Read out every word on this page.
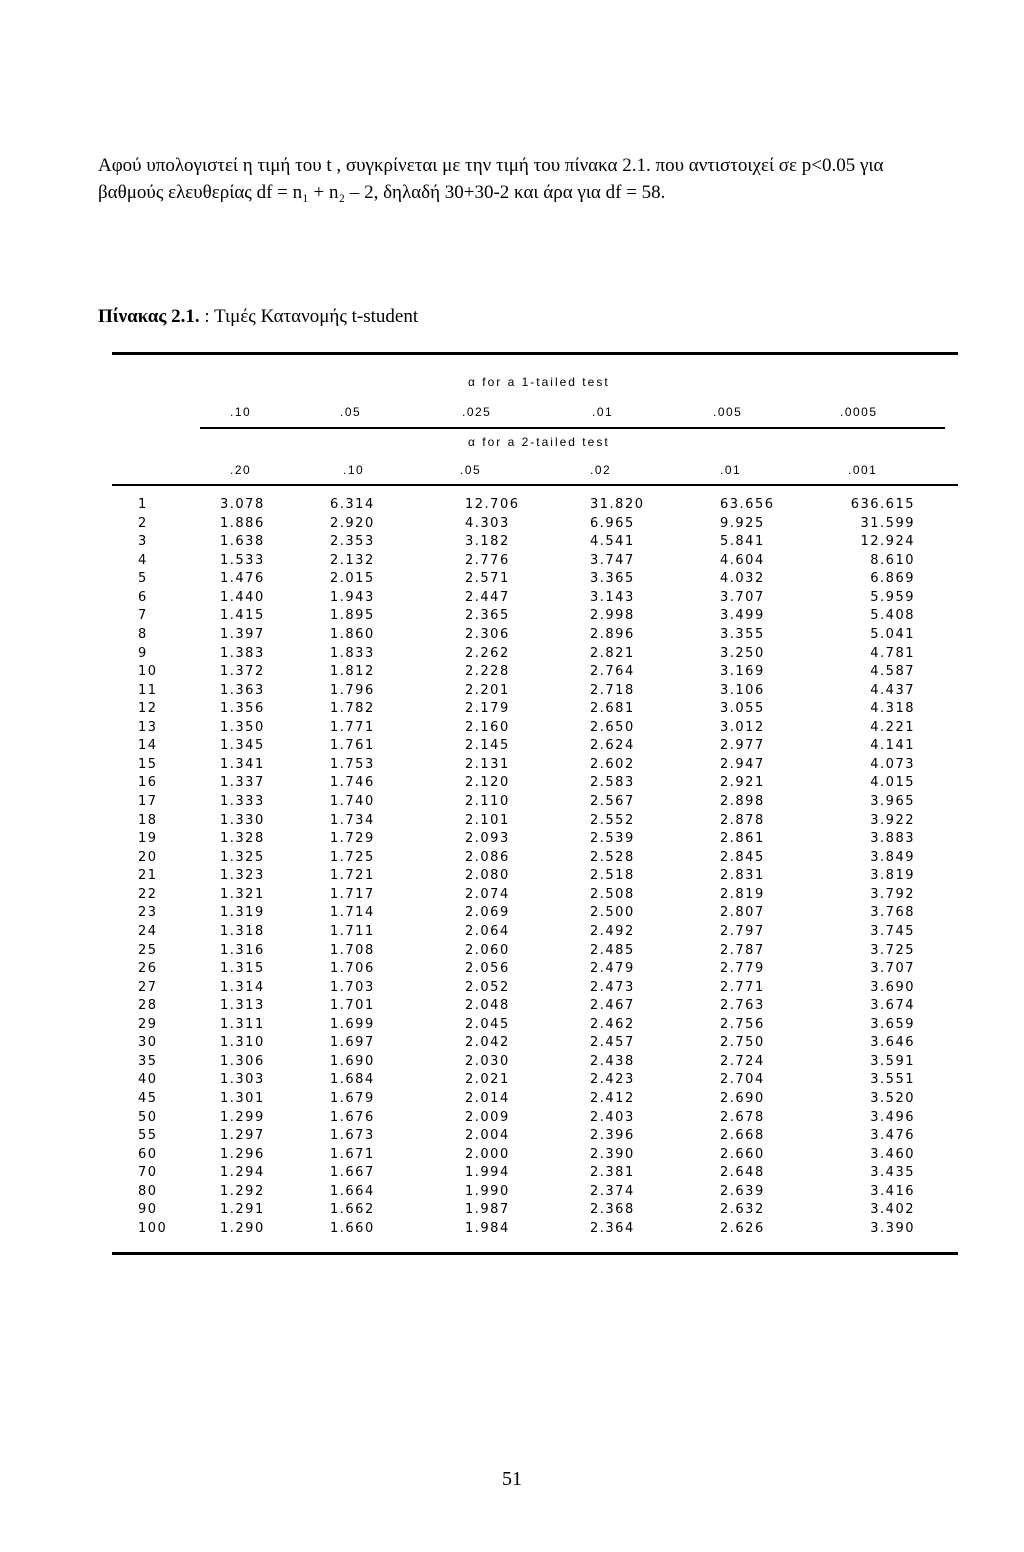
Αφού υπολογιστεί η τιμή του t , συγκρίνεται με την τιμή του πίνακα 2.1. που αντιστοιχεί σε p<0.05 για βαθμούς ελευθερίας df = n₁ + n₂ – 2, δηλαδή 30+30-2 και άρα για df = 58.

Πίνακας 2.1. : Τιμές Κατανομής t-student

α for a 1-tailed test
.10	.05	.025	.01	.005	.0005
α for a 2-tailed test
.20	.10	.05	.02	.01	.001
1	3.078	6.314	12.706	31.820	63.656	636.615
2	1.886	2.920	4.303	6.965	9.925	31.599
3	1.638	2.353	3.182	4.541	5.841	12.924
4	1.533	2.132	2.776	3.747	4.604	8.610
5	1.476	2.015	2.571	3.365	4.032	6.869
6	1.440	1.943	2.447	3.143	3.707	5.959
7	1.415	1.895	2.365	2.998	3.499	5.408
8	1.397	1.860	2.306	2.896	3.355	5.041
9	1.383	1.833	2.262	2.821	3.250	4.781
10	1.372	1.812	2.228	2.764	3.169	4.587
11	1.363	1.796	2.201	2.718	3.106	4.437
12	1.356	1.782	2.179	2.681	3.055	4.318
13	1.350	1.771	2.160	2.650	3.012	4.221
14	1.345	1.761	2.145	2.624	2.977	4.141
15	1.341	1.753	2.131	2.602	2.947	4.073
16	1.337	1.746	2.120	2.583	2.921	4.015
17	1.333	1.740	2.110	2.567	2.898	3.965
18	1.330	1.734	2.101	2.552	2.878	3.922
19	1.328	1.729	2.093	2.539	2.861	3.883
20	1.325	1.725	2.086	2.528	2.845	3.849
21	1.323	1.721	2.080	2.518	2.831	3.819
22	1.321	1.717	2.074	2.508	2.819	3.792
23	1.319	1.714	2.069	2.500	2.807	3.768
24	1.318	1.711	2.064	2.492	2.797	3.745
25	1.316	1.708	2.060	2.485	2.787	3.725
26	1.315	1.706	2.056	2.479	2.779	3.707
27	1.314	1.703	2.052	2.473	2.771	3.690
28	1.313	1.701	2.048	2.467	2.763	3.674
29	1.311	1.699	2.045	2.462	2.756	3.659
30	1.310	1.697	2.042	2.457	2.750	3.646
35	1.306	1.690	2.030	2.438	2.724	3.591
40	1.303	1.684	2.021	2.423	2.704	3.551
45	1.301	1.679	2.014	2.412	2.690	3.520
50	1.299	1.676	2.009	2.403	2.678	3.496
55	1.297	1.673	2.004	2.396	2.668	3.476
60	1.296	1.671	2.000	2.390	2.660	3.460
70	1.294	1.667	1.994	2.381	2.648	3.435
80	1.292	1.664	1.990	2.374	2.639	3.416
90	1.291	1.662	1.987	2.368	2.632	3.402
100	1.290	1.660	1.984	2.364	2.626	3.390

51
